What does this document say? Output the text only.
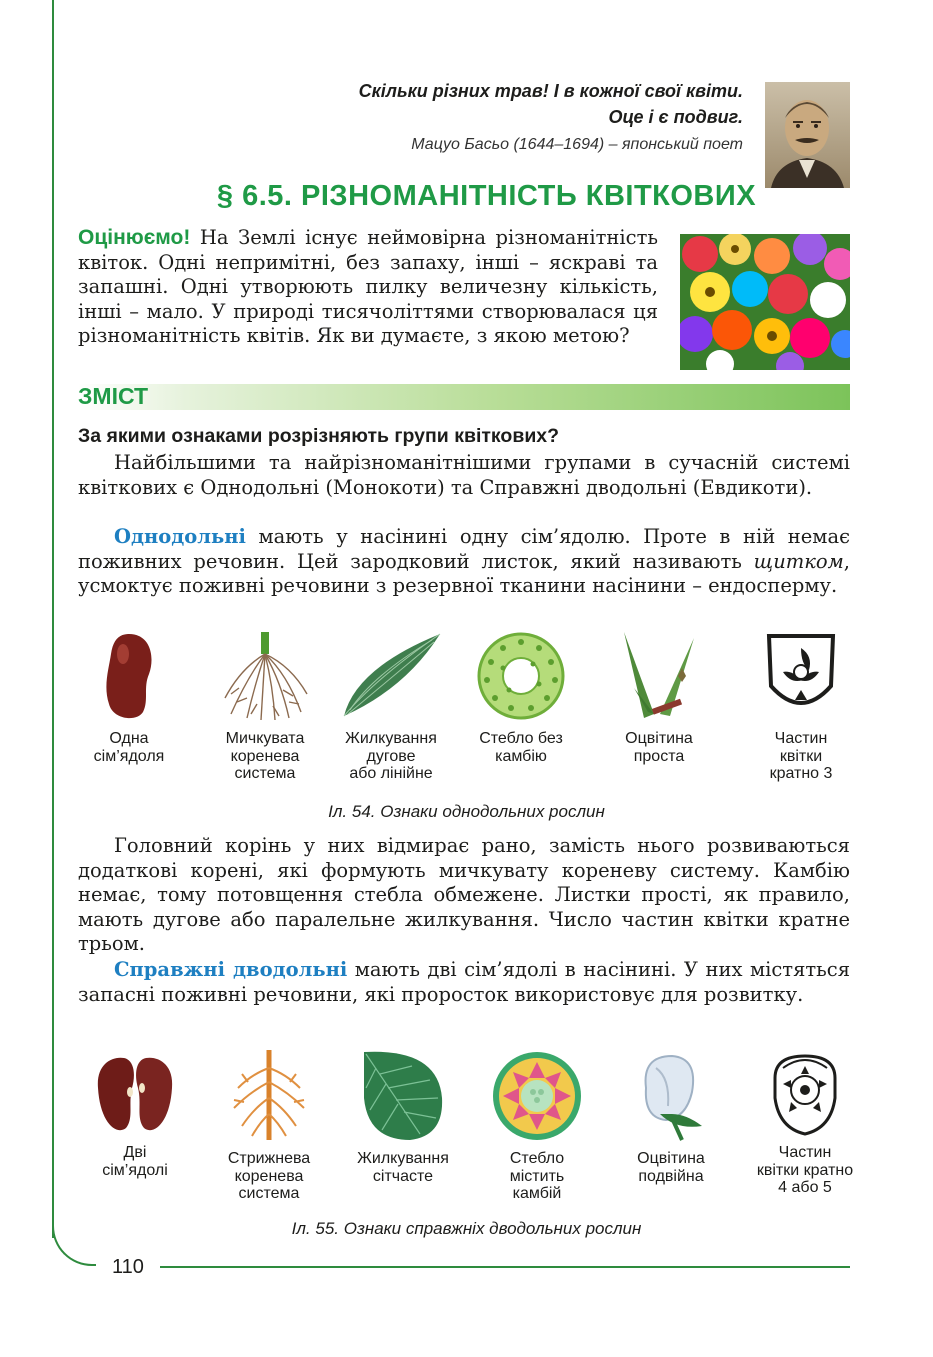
110
Скільки різних трав! І в кожної свої квіти.
Оце і є подвиг.
Мацуо Басьо (1644–1694) – японський поет
§ 6.5. РІЗНОМАНІТНІСТЬ КВІТКОВИХ
Оцінюємо! На Землі існує неймовірна різноманітність квіток. Одні непримітні, без запаху, інші – яскраві та запашні. Одні утворюють пилку величезну кількість, інші – мало. У природі тисячоліттями створювалася ця різноманітність квітів. Як ви думаєте, з якою метою?
ЗМІСТ
За якими ознаками розрізняють групи квіткових?
Найбільшими та найрізноманітнішими групами в сучасній системі квіткових є Однодольні (Монокоти) та Справжні дводольні (Евдикоти).
Однодольні мають у насінині одну сім’ядолю. Проте в ній немає поживних речовин. Цей зародковий листок, який називають щитком, усмоктує поживні речовини з резервної тканини насінини – ендосперму.
Одна
сім’ядоля
Мичкувата
коренева
система
Жилкування
дугове
або лінійне
Стебло без
камбію
Оцвітина
проста
Частин
квітки
кратно 3
Іл. 54. Ознаки однодольних рослин
Головний корінь у них відмирає рано, замість нього розвиваються додаткові корені, які формують мичкувату кореневу систему. Камбію немає, тому потовщення стебла обмежене. Листки прості, як правило, мають дугове або паралельне жилкування. Число частин квітки кратне трьом.
Справжні дводольні мають дві сім’ядолі в насінині. У них містяться запасні поживні речовини, які проросток використовує для розвитку.
Дві
сім’ядолі
Стрижнева
коренева
система
Жилкування
сітчасте
Стебло
містить
камбій
Оцвітина
подвійна
Частин
квітки кратно
4 або 5
Іл. 55. Ознаки справжніх дводольних рослин
